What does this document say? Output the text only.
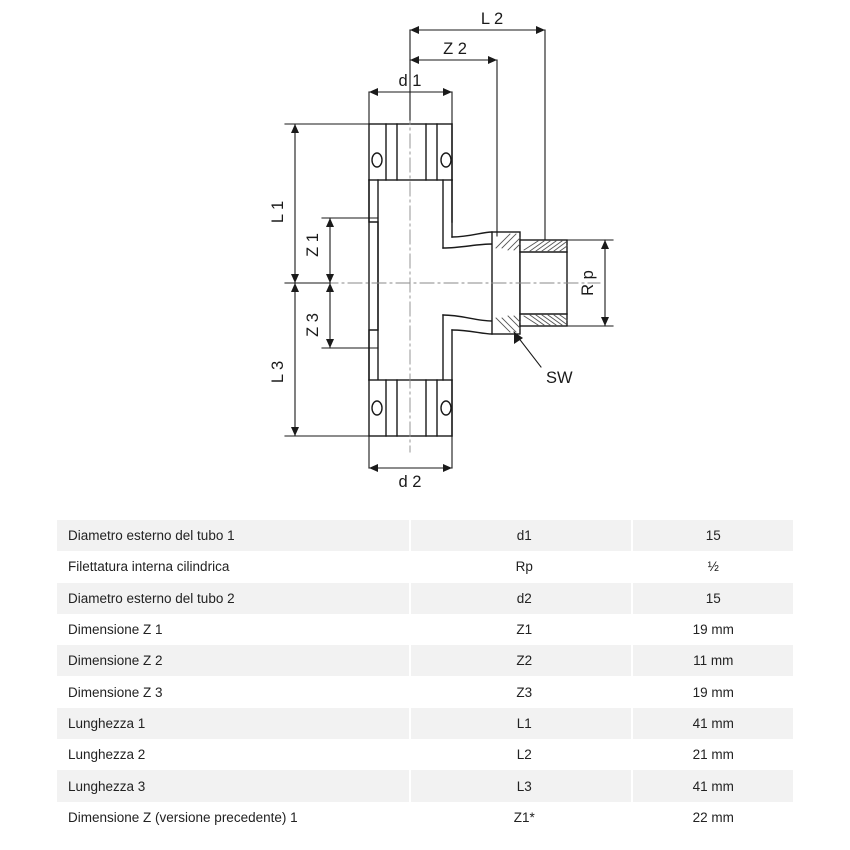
L 2
Z 2
d 1
d 2
L 1
L 3
Z 1
Z 3
R p
SW
Diametro esterno del tubo 1	d1	15
Filettatura interna cilindrica	Rp	½
Diametro esterno del tubo 2	d2	15
Dimensione Z 1	Z1	19 mm
Dimensione Z 2	Z2	11 mm
Dimensione Z 3	Z3	19 mm
Lunghezza 1	L1	41 mm
Lunghezza 2	L2	21 mm
Lunghezza 3	L3	41 mm
Dimensione Z (versione precedente) 1	Z1*	22 mm
